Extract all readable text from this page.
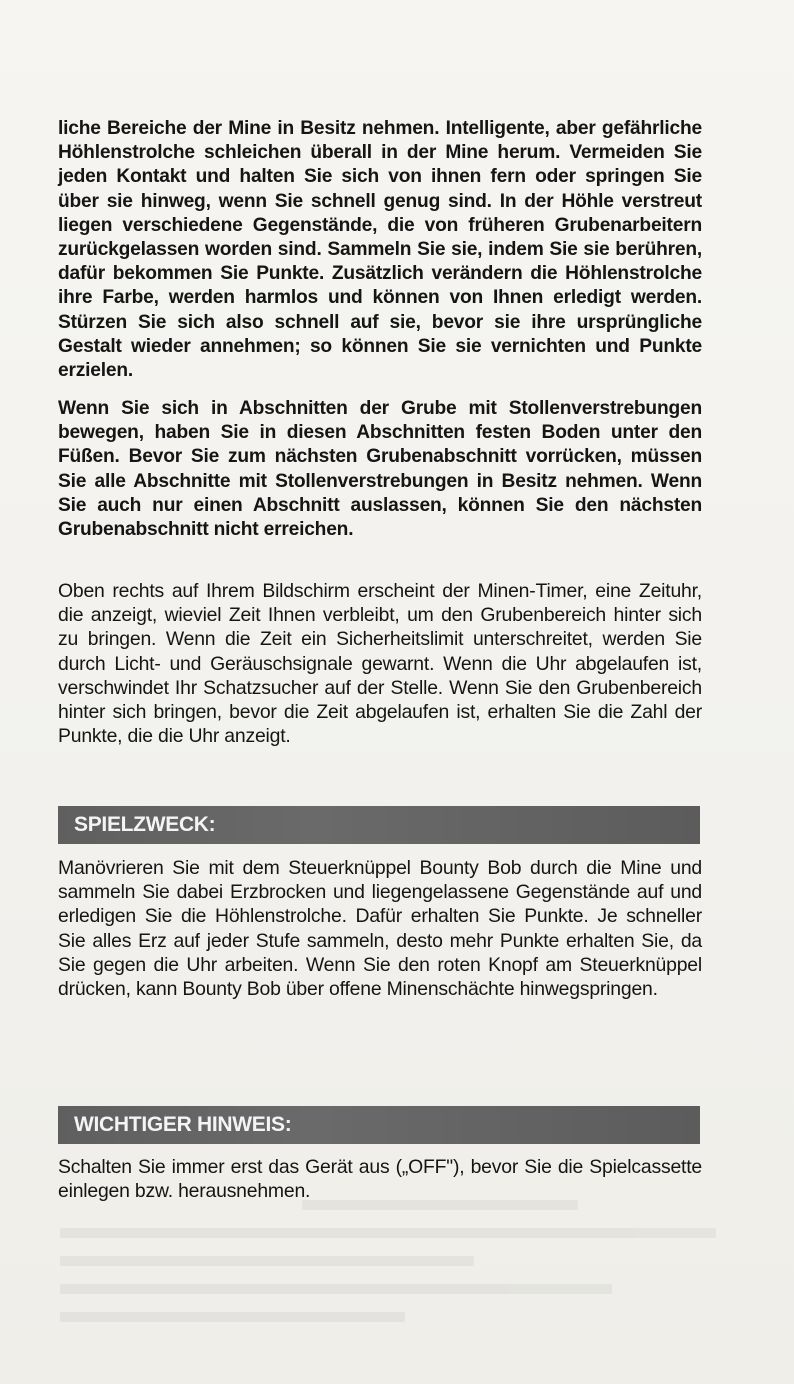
liche Bereiche der Mine in Besitz nehmen. Intelligente, aber gefährliche Höhlenstrolche schleichen überall in der Mine herum. Vermeiden Sie jeden Kontakt und halten Sie sich von ihnen fern oder springen Sie über sie hinweg, wenn Sie schnell genug sind. In der Höhle verstreut liegen verschiedene Gegenstände, die von früheren Grubenarbeitern zurückgelassen worden sind. Sammeln Sie sie, indem Sie sie berühren, dafür bekommen Sie Punkte. Zusätzlich verändern die Höhlenstrolche ihre Farbe, werden harmlos und können von Ihnen erledigt werden. Stürzen Sie sich also schnell auf sie, bevor sie ihre ursprüngliche Gestalt wieder annehmen; so können Sie sie vernichten und Punkte erzielen.

Wenn Sie sich in Abschnitten der Grube mit Stollenverstrebungen bewegen, haben Sie in diesen Abschnitten festen Boden unter den Füßen. Bevor Sie zum nächsten Grubenabschnitt vorrücken, müssen Sie alle Abschnitte mit Stollenverstrebungen in Besitz nehmen. Wenn Sie auch nur einen Abschnitt auslassen, können Sie den nächsten Grubenabschnitt nicht erreichen.

Oben rechts auf Ihrem Bildschirm erscheint der Minen-Timer, eine Zeituhr, die anzeigt, wieviel Zeit Ihnen verbleibt, um den Grubenbereich hinter sich zu bringen. Wenn die Zeit ein Sicherheitslimit unterschreitet, werden Sie durch Licht- und Geräuschsignale gewarnt. Wenn die Uhr abgelaufen ist, verschwindet Ihr Schatzsucher auf der Stelle. Wenn Sie den Grubenbereich hinter sich bringen, bevor die Zeit abgelaufen ist, erhalten Sie die Zahl der Punkte, die die Uhr anzeigt.

SPIELZWECK:

Manövrieren Sie mit dem Steuerknüppel Bounty Bob durch die Mine und sammeln Sie dabei Erzbrocken und liegengelassene Gegenstände auf und erledigen Sie die Höhlenstrolche. Dafür erhalten Sie Punkte. Je schneller Sie alles Erz auf jeder Stufe sammeln, desto mehr Punkte erhalten Sie, da Sie gegen die Uhr arbeiten. Wenn Sie den roten Knopf am Steuerknüppel drücken, kann Bounty Bob über offene Minenschächte hinwegspringen.

WICHTIGER HINWEIS:

Schalten Sie immer erst das Gerät aus („OFF"), bevor Sie die Spielcassette einlegen bzw. herausnehmen.
